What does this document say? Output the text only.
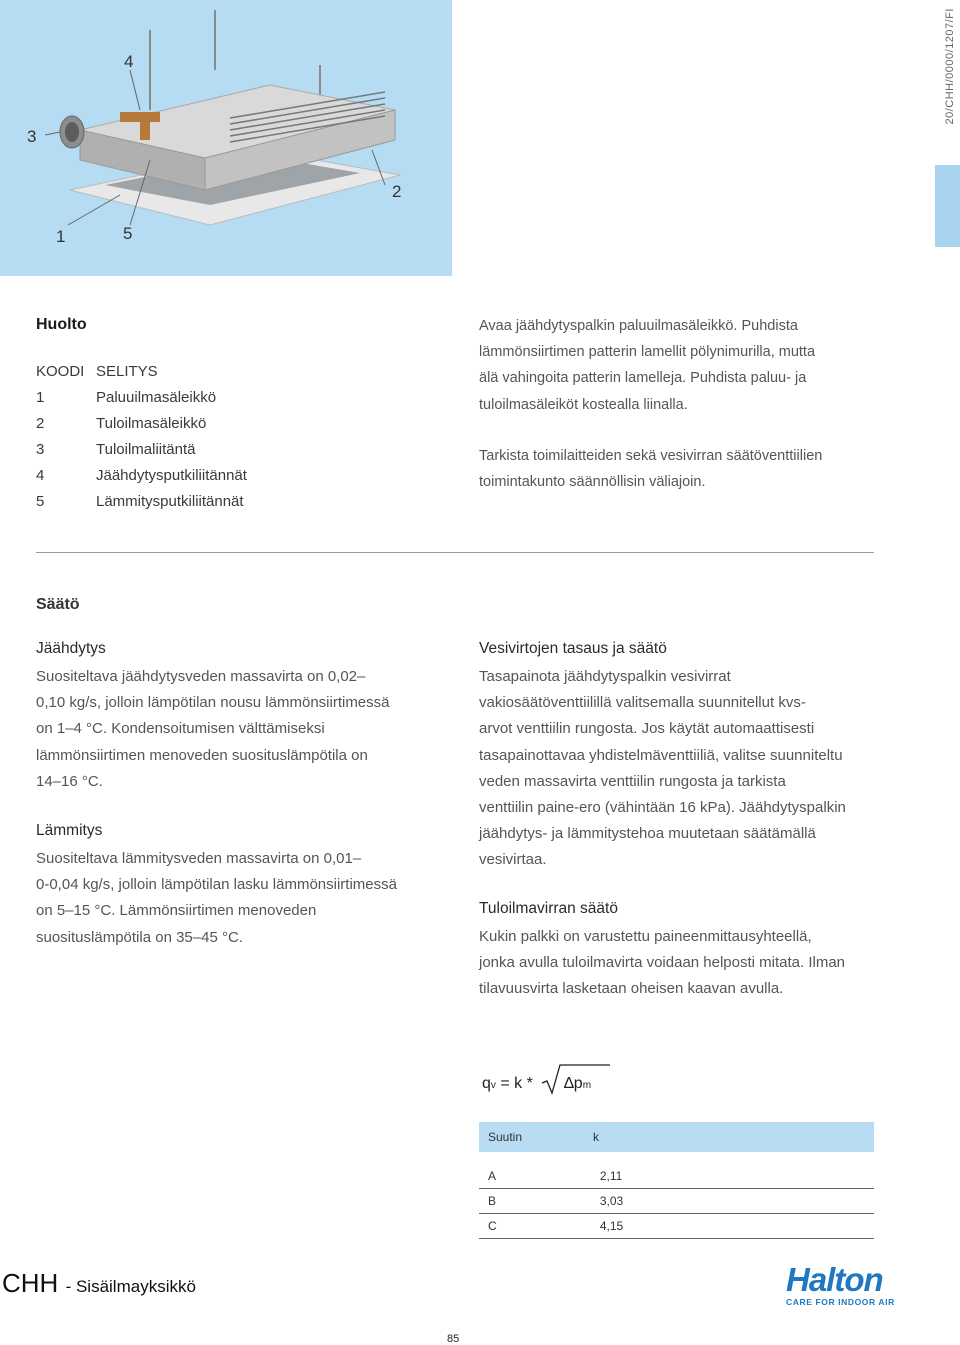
1
2
3
4
5
20/CHH/0000/1207/FI
Huolto
KOODI SELITYS
1	Paluuilmasäleikkö
2	Tuloilmasäleikkö
3	Tuloilmaliitäntä
4	Jäähdytysputkiliitännät
5	Lämmitysputkiliitännät
Avaa jäähdytyspalkin paluuilmasäleikkö. Puhdista
lämmönsiirtimen patterin lamellit pölynimurilla, mutta
älä vahingoita patterin lamelleja. Puhdista paluu- ja
tuloilmasäleiköt kostealla liinalla.
Tarkista toimilaitteiden sekä vesivirran säätöventtiilien
toimintakunto säännöllisin väliajoin.
Säätö
Jäähdytys
Suositeltava jäähdytysveden massavirta on 0,02–
0,10 kg/s, jolloin lämpötilan nousu lämmönsiirtimessä
on 1–4 °C. Kondensoitumisen välttämiseksi
lämmönsiirtimen menoveden suosituslämpötila on
14–16 °C.
Lämmitys
Suositeltava lämmitysveden massavirta on 0,01–
0-0,04 kg/s, jolloin lämpötilan lasku lämmönsiirtimessä
on 5–15 °C. Lämmönsiirtimen menoveden
suosituslämpötila on 35–45 °C.
Vesivirtojen tasaus ja säätö
Tasapainota jäähdytyspalkin vesivirrat
vakiosäätöventtiilillä valitsemalla suunnitellut kvs-
arvot venttiilin rungosta. Jos käytät automaattisesti
tasapainottavaa yhdistelmäventtiiliä, valitse suunniteltu
veden massavirta venttiilin rungosta ja tarkista
venttiilin paine-ero (vähintään 16 kPa). Jäähdytyspalkin
jäähdytys- ja lämmitystehoa muutetaan säätämällä
vesivirtaa.
Tuloilmavirran säätö
Kukin palkki on varustettu paineenmittausyhteellä,
jonka avulla tuloilmavirta voidaan helposti mitata. Ilman
tilavuusvirta lasketaan oheisen kaavan avulla.
qv = k * ∆pm
Suutin	k
A	2,11
B	3,03
C	4,15
CHH - Sisäilmayksikkö	Halton
CARE FOR INDOOR AIR
85
